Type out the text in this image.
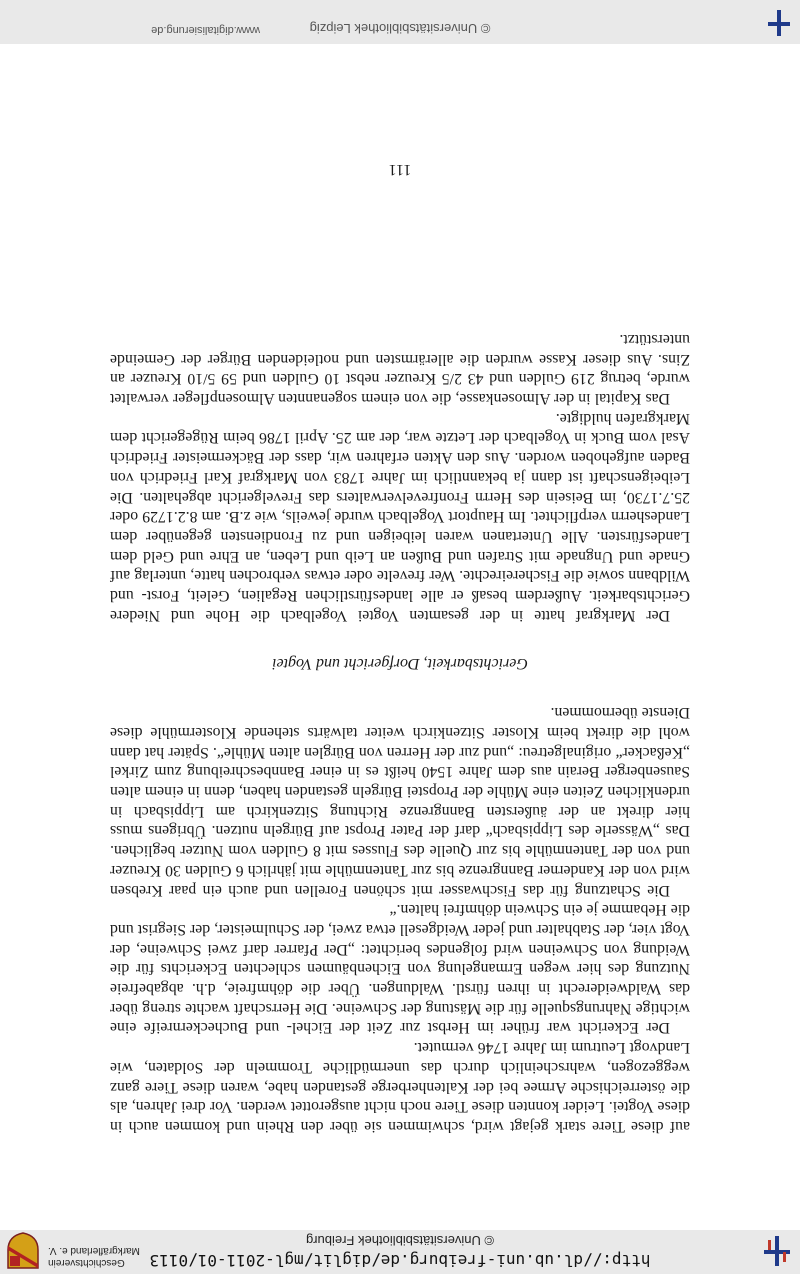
http://dl.ub.uni-freiburg.de/diglit/mgl-2011-01/0113
© Universitätsbibliothek Freiburg
Geschichtsverein Markgräflerland e. V.

auf diese Tiere stark gejagt wird, schwimmen sie über den Rhein und kommen auch in diese Vogtei. Leider konnten diese Tiere noch nicht ausgerottet werden. Vor drei Jahren, als die österreichische Armee bei der Kaltenherberge gestanden habe, waren diese Tiere ganz weggezogen, wahrscheinlich durch das unermüdliche Trommeln der Soldaten, wie Landvogt Leutrum im Jahre 1746 vermutet.

Der Eckericht war früher im Herbst zur Zeit der Eichel- und Bucheckernreife eine wichtige Nahrungsquelle für die Mästung der Schweine. Die Herrschaft wachte streng über das Waldweiderecht in ihren fürstl. Waldungen. Über die döhmfreie, d.h. abgabefreie Nutzung des hier wegen Ermangelung von Eichenbäumen schlechten Eckerichts für die Weidung von Schweinen wird folgendes berichtet: „Der Pfarrer darf zwei Schweine, der Vogt vier, der Stabhalter und jeder Weidgesell etwa zwei, der Schulmeister, der Siegrist und die Hebamme je ein Schwein döhmfrei halten.“

Die Schatzung für das Fischwasser mit schönen Forellen und auch ein paar Krebsen wird von der Kanderner Banngrenze bis zur Tantenmühle mit jährlich 6 Gulden 30 Kreuzer und von der Tantenmühle bis zur Quelle des Flusses mit 8 Gulden vom Nutzer beglichen. Das „Wässerle des Lippisbach“ darf der Pater Propst auf Bürgeln nutzen. Übrigens muss hier direkt an der äußersten Banngrenze Richtung Sitzenkirch am Lippisbach in urdenklichen Zeiten eine Mühle der Propstei Bürgeln gestanden haben, denn in einem alten Sausenberger Berain aus dem Jahre 1540 heißt es in einer Bannbeschreibung zum Zirkel „Keßacker“ originalgetreu: „und zur der Herren von Bürglen alten Mühle“. Später hat dann wohl die direkt beim Kloster Sitzenkirch weiter talwärts stehende Klostermühle diese Dienste übernommen.

Gerichtsbarkeit, Dorfgericht und Vogtei

Der Markgraf hatte in der gesamten Vogtei Vogelbach die Hohe und Niedere Gerichtsbarkeit. Außerdem besaß er alle landesfürstlichen Regalien, Geleit, Forst- und Wildbann sowie die Fischereirechte. Wer frevelte oder etwas verbrochen hatte, unterlag auf Gnade und Ungnade mit Strafen und Bußen an Leib und Leben, an Ehre und Geld dem Landesfürsten. Alle Untertanen waren leibeigen und zu Frondiensten gegenüber dem Landesherrn verpflichtet. Im Hauptort Vogelbach wurde jeweils, wie z.B. am 8.2.1729 oder 25.7.1730, im Beisein des Herrn Fronfrevelverwalters das Frevelgericht abgehalten. Die Leibeigenschaft ist dann ja bekanntlich im Jahre 1783 von Markgraf Karl Friedrich von Baden aufgehoben worden. Aus den Akten erfahren wir, dass der Bäckermeister Friedrich Asal vom Buck in Vogelbach der Letzte war, der am 25. April 1786 beim Rügegericht dem Markgrafen huldigte.

Das Kapital in der Almosenkasse, die von einem sogenannten Almosenpfleger verwaltet wurde, betrug 219 Gulden und 43 2/5 Kreuzer nebst 10 Gulden und 59 5/10 Kreuzer an Zins. Aus dieser Kasse wurden die allerärmsten und notleidenden Bürger der Gemeinde unterstützt.

111
© Universitätsbibliothek Leipzig
www.digitalisierung.de
